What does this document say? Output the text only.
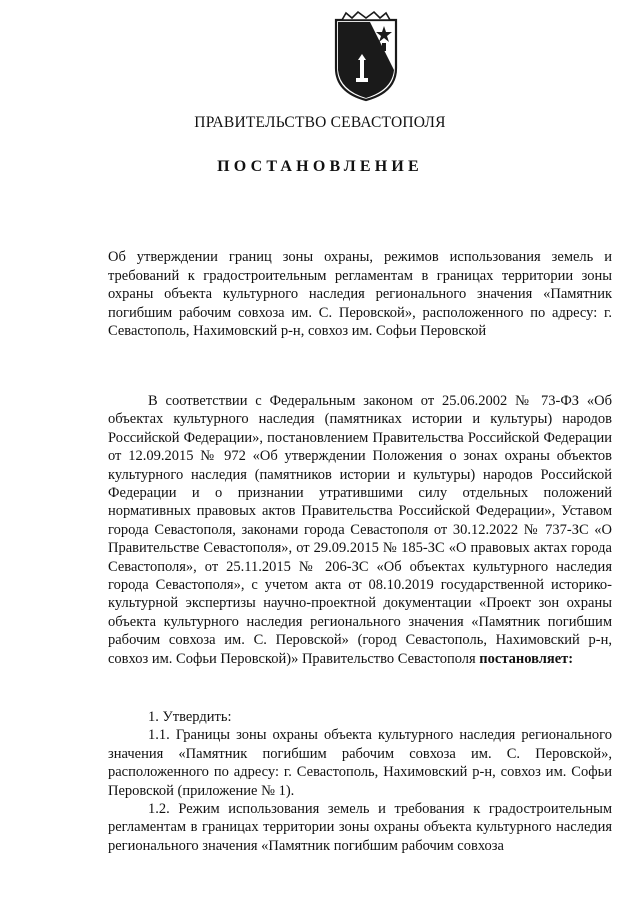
ПРАВИТЕЛЬСТВО СЕВАСТОПОЛЯ
ПОСТАНОВЛЕНИЕ
Об утверждении границ зоны охраны, режимов использования земель и требований к градостроительным регламентам в границах территории зоны охраны объекта культурного наследия регионального значения «Памятник погибшим рабочим совхоза им. С. Перовской», расположенного по адресу: г. Севастополь, Нахимовский р-н, совхоз им. Софьи Перовской
В соответствии с Федеральным законом от 25.06.2002 № 73-ФЗ «Об объектах культурного наследия (памятниках истории и культуры) народов Российской Федерации», постановлением Правительства Российской Федерации от 12.09.2015 № 972 «Об утверждении Положения о зонах охраны объектов культурного наследия (памятников истории и культуры) народов Российской Федерации и о признании утратившими силу отдельных положений нормативных правовых актов Правительства Российской Федерации», Уставом города Севастополя, законами города Севастополя от 30.12.2022 № 737-ЗС «О Правительстве Севастополя», от 29.09.2015 № 185-ЗС «О правовых актах города Севастополя», от 25.11.2015 № 206-ЗС «Об объектах культурного наследия города Севастополя», с учетом акта от 08.10.2019 государственной историко-культурной экспертизы научно-проектной документации «Проект зон охраны объекта культурного наследия регионального значения «Памятник погибшим рабочим совхоза им. С. Перовской» (город Севастополь, Нахимовский р-н, совхоз им. Софьи Перовской)» Правительство Севастополя постановляет:

1. Утвердить:

1.1. Границы зоны охраны объекта культурного наследия регионального значения «Памятник погибшим рабочим совхоза им. С. Перовской», расположенного по адресу: г. Севастополь, Нахимовский р-н, совхоз им. Софьи Перовской (приложение № 1).

1.2. Режим использования земель и требования к градостроительным регламентам в границах территории зоны охраны объекта культурного наследия регионального значения «Памятник погибшим рабочим совхоза
